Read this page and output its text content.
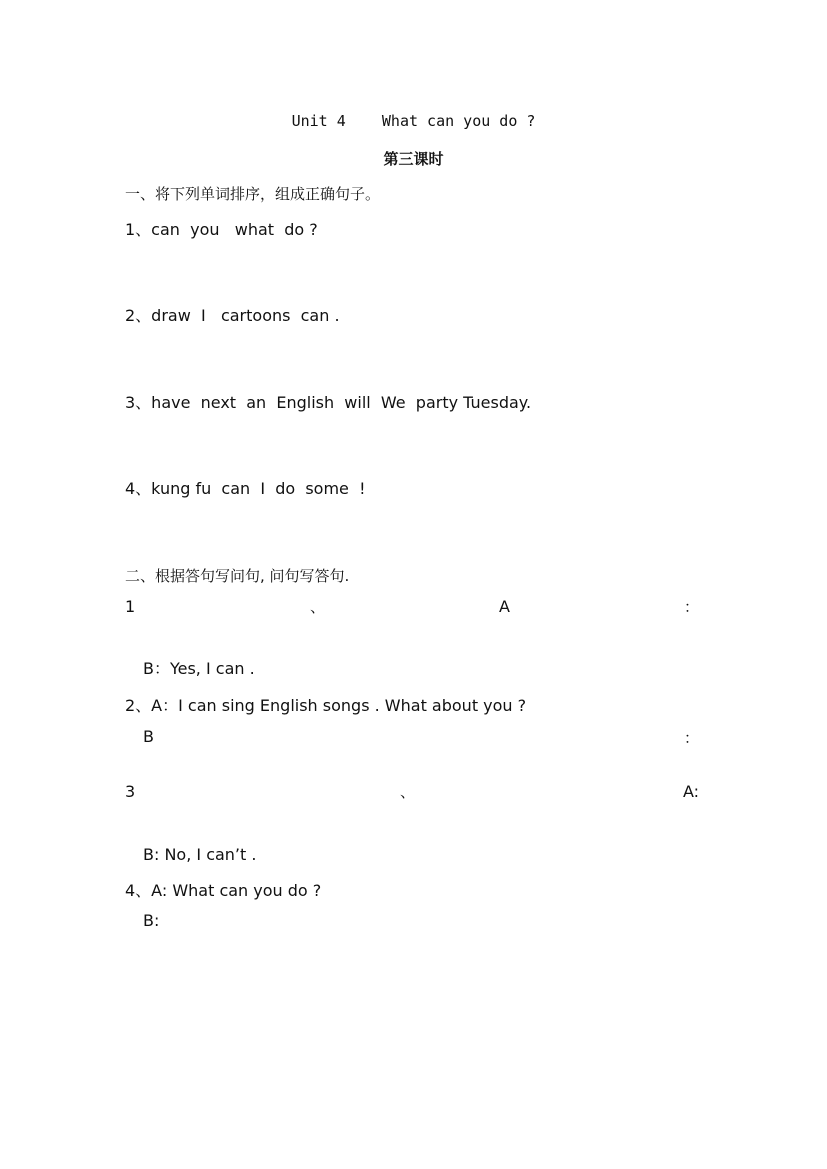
Unit 4    What can you do ?
第三课时
一、将下列单词排序，组成正确句子。
1、can  you   what  do ?
2、draw  I   cartoons  can .
3、have  next  an  English  will  We  party Tuesday.
4、kung fu  can  I  do  some  !
二、根据答句写问句, 问句写答句.
1	、	A	：
B：Yes, I can .
2、A：I can sing English songs . What about you ?
B	：
3	、	A:
B: No, I can’t .
4、A: What can you do ?
B:
